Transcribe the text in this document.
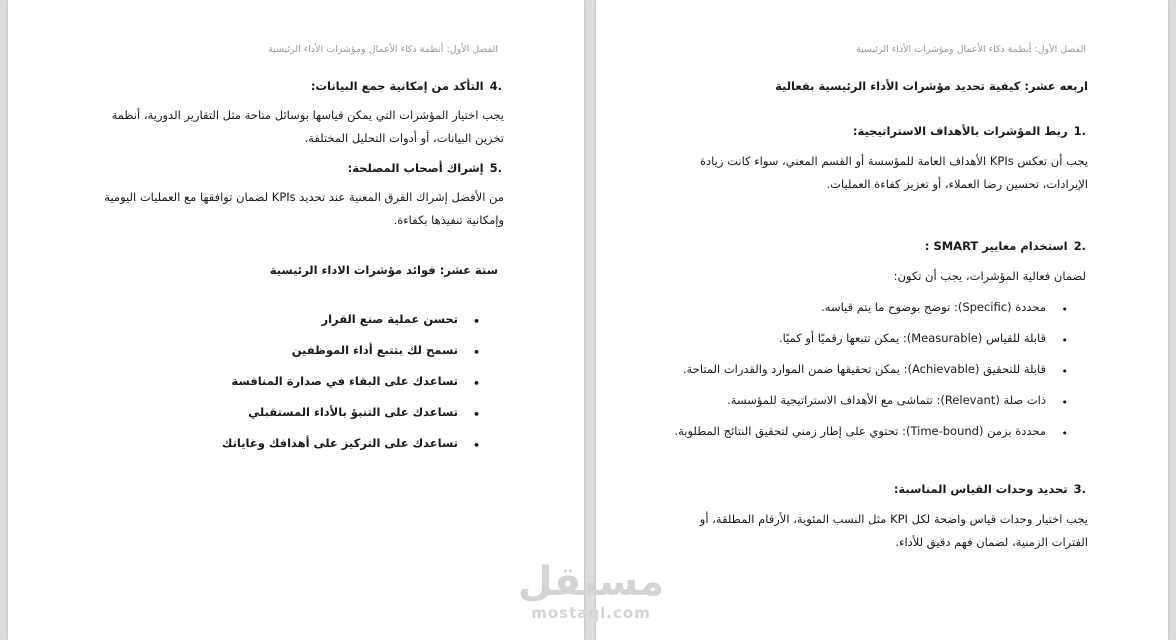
الفصل الأول: أنظمة ذكاء الأعمال ومؤشرات الأداء الرئيسية
.4التأكد من إمكانية جمع البيانات:
يجب اختيار المؤشرات التي يمكن قياسها بوسائل متاحة مثل التقارير الدورية، أنظمة تخزين البيانات، أو أدوات التحليل المختلفة.
.5إشراك أصحاب المصلحة:
من الأفضل إشراك الفرق المعنية عند تحديد KPIs لضمان توافقها مع العمليات اليومية وإمكانية تنفيذها بكفاءة.
ستة عشر: فوائد مؤشرات الاداء الرئيسية
•
تحسن عملية صنع القرار
•
تسمح لك بتتبع أداء الموظفين
•
تساعدك على البقاء في صدارة المنافسة
•
تساعدك على التنبؤ بالأداء المستقبلي
•
تساعدك على التركيز على أهدافك وغاياتك
الفصل الأول: أنظمة ذكاء الأعمال ومؤشرات الأداء الرئيسية
اربعه عشر: كيفية تحديد مؤشرات الأداء الرئيسية بفعالية
.1ربط المؤشرات بالأهداف الاستراتيجية:
يجب أن تعكس KPIs الأهداف العامة للمؤسسة أو القسم المعني، سواء كانت زيادة الإيرادات، تحسين رضا العملاء، أو تعزيز كفاءة العمليات.
.2استخدام معايير SMART :
لضمان فعالية المؤشرات، يجب أن تكون:
•
محددة (Specific): توضح بوضوح ما يتم قياسه.
•
قابلة للقياس (Measurable): يمكن تتبعها رقميًا أو كميًا.
•
قابلة للتحقيق (Achievable): يمكن تحقيقها ضمن الموارد والقدرات المتاحة.
•
ذات صلة (Relevant): تتماشى مع الأهداف الاستراتيجية للمؤسسة.
•
محددة بزمن (Time-bound): تحتوي على إطار زمني لتحقيق النتائج المطلوبة.
.3تحديد وحدات القياس المناسبة:
يجب اختيار وحدات قياس واضحة لكل KPI مثل النسب المئوية، الأرقام المطلقة، أو الفترات الزمنية، لضمان فهم دقيق للأداء.
مستقل
mostaql.com
